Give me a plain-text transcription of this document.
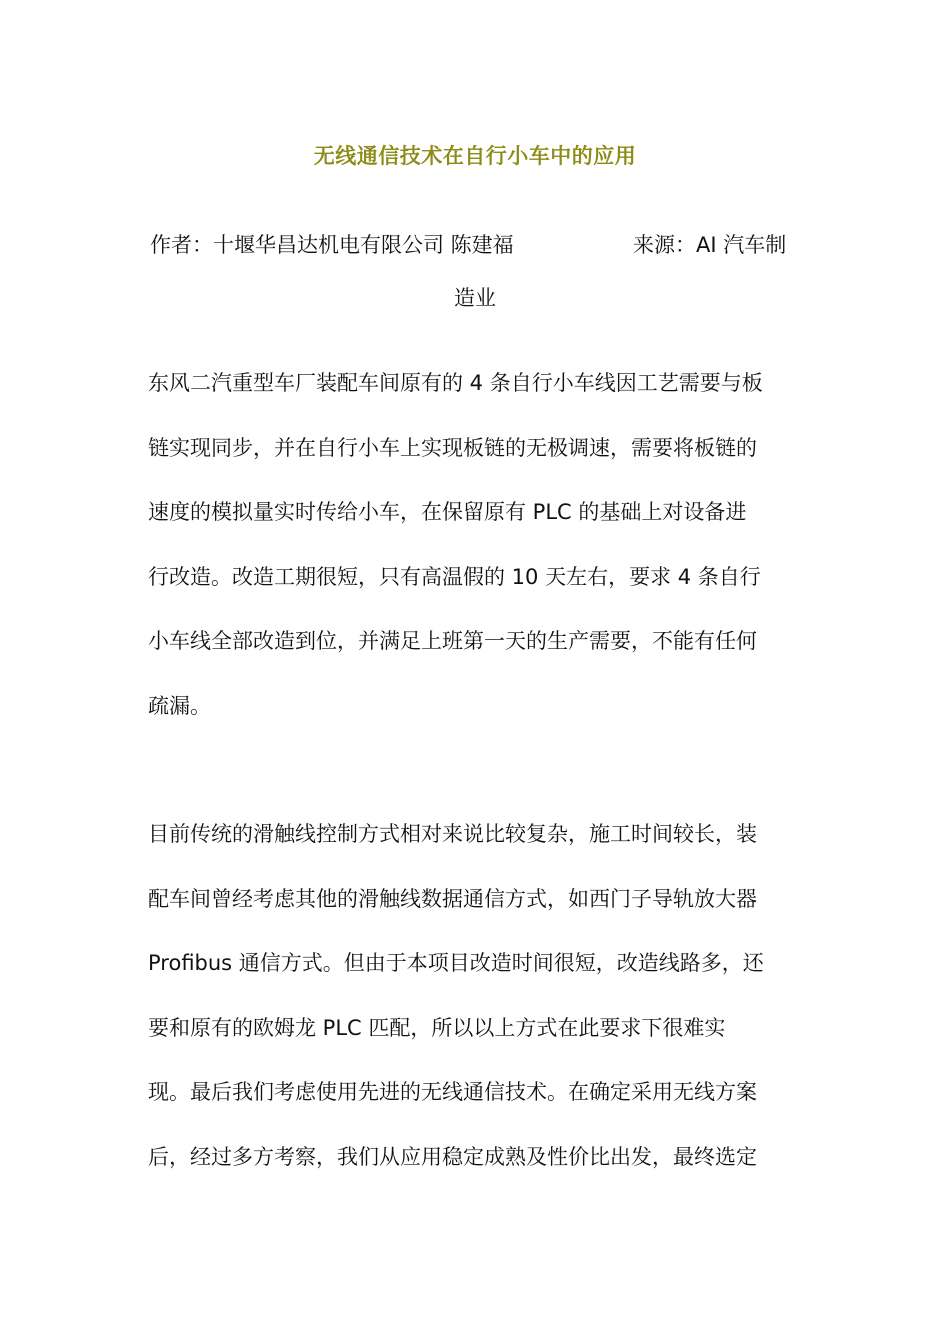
无线通信技术在自行小车中的应用
作者：十堰华昌达机电有限公司 陈建福	来源：AI 汽车制
造业
东风二汽重型车厂装配车间原有的 4 条自行小车线因工艺需要与板
链实现同步，并在自行小车上实现板链的无极调速，需要将板链的
速度的模拟量实时传给小车，在保留原有 PLC 的基础上对设备进
行改造。改造工期很短，只有高温假的 10 天左右，要求 4 条自行
小车线全部改造到位，并满足上班第一天的生产需要，不能有任何
疏漏。
目前传统的滑触线控制方式相对来说比较复杂，施工时间较长，装
配车间曾经考虑其他的滑触线数据通信方式，如西门子导轨放大器
Profibus 通信方式。但由于本项目改造时间很短，改造线路多，还
要和原有的欧姆龙 PLC 匹配，所以以上方式在此要求下很难实
现。最后我们考虑使用先进的无线通信技术。在确定采用无线方案
后，经过多方考察，我们从应用稳定成熟及性价比出发，最终选定
